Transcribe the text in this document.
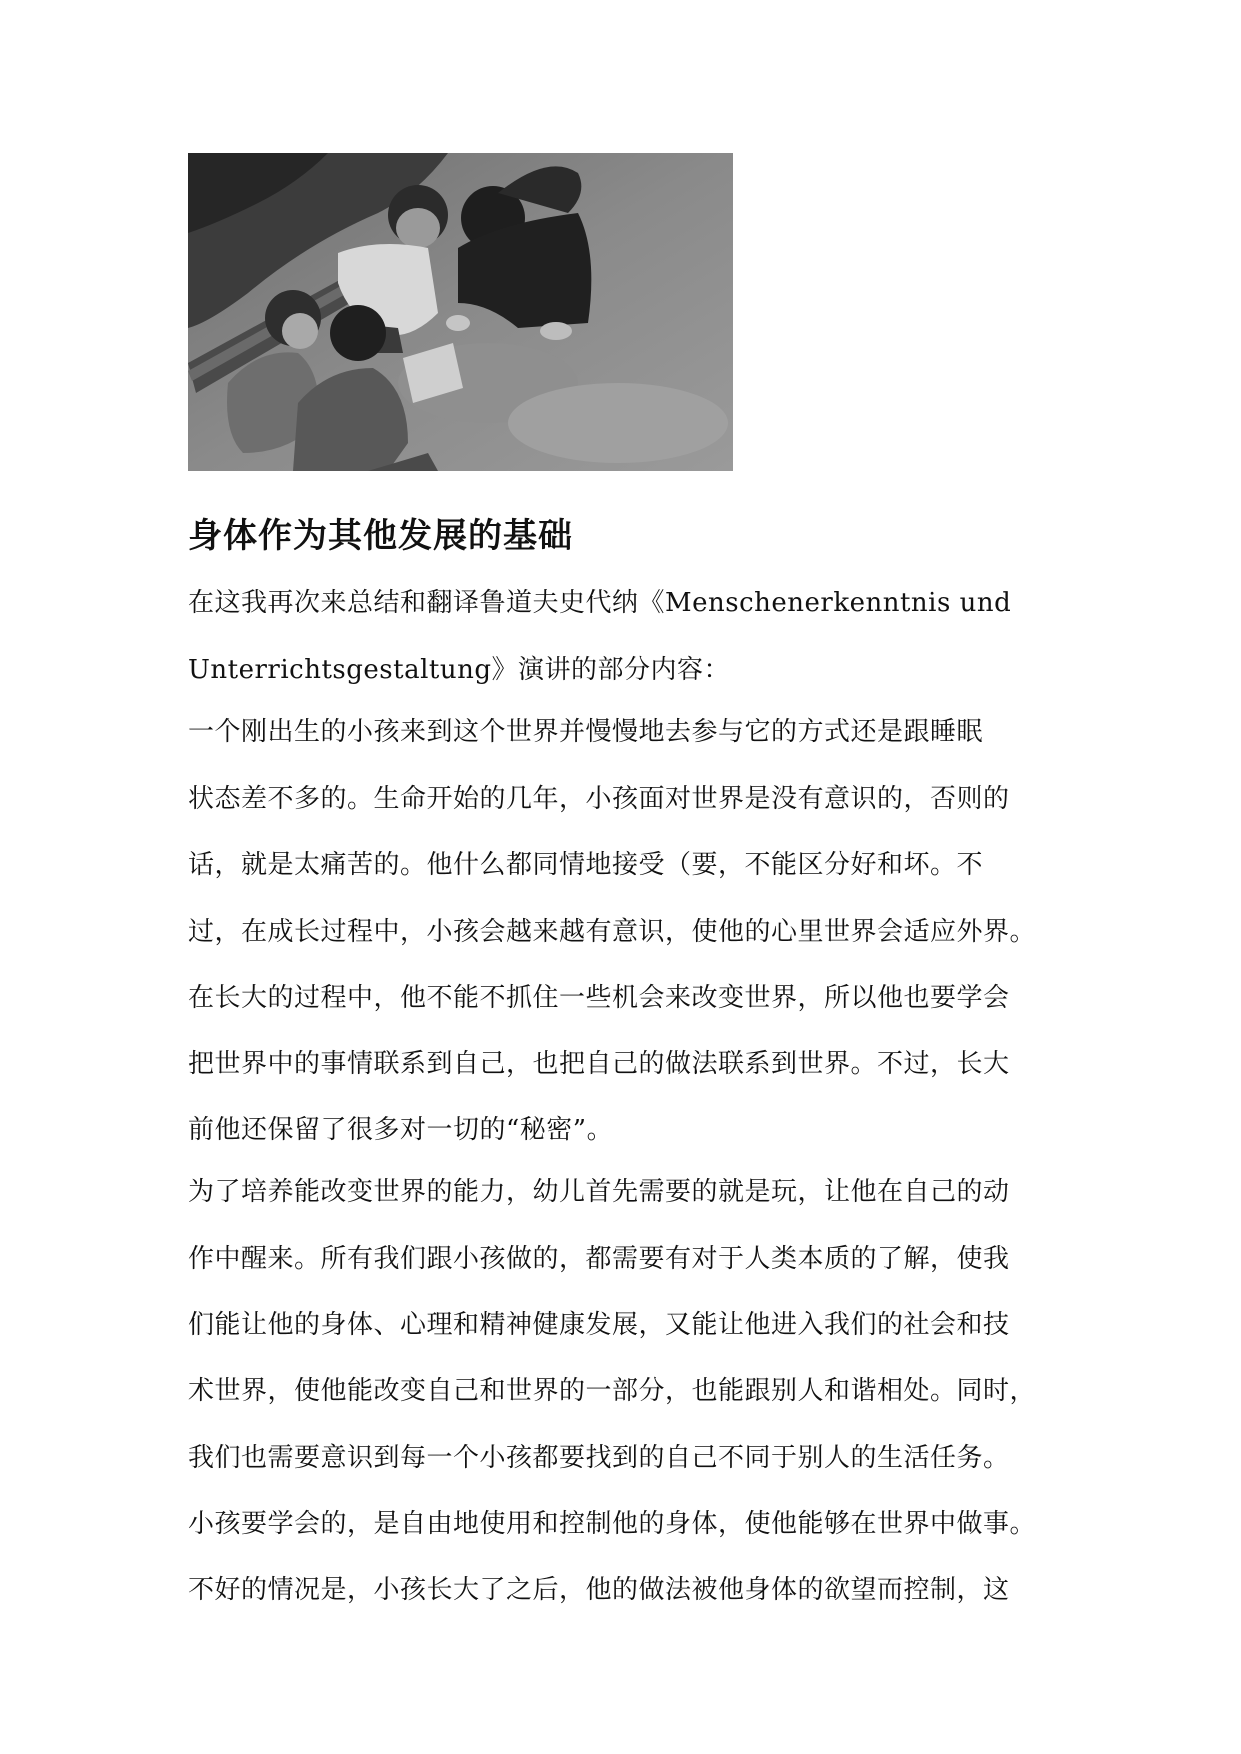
身体作为其他发展的基础

在这我再次来总结和翻译鲁道夫史代纳《Menschenerkenntnis und

Unterrichtsgestaltung》演讲的部分内容：

一个刚出生的小孩来到这个世界并慢慢地去参与它的方式还是跟睡眠

状态差不多的。生命开始的几年，小孩面对世界是没有意识的，否则的

话，就是太痛苦的。他什么都同情地接受（要，不能区分好和坏。不

过，在成长过程中，小孩会越来越有意识，使他的心里世界会适应外界。

在长大的过程中，他不能不抓住一些机会来改变世界，所以他也要学会

把世界中的事情联系到自己，也把自己的做法联系到世界。不过，长大

前他还保留了很多对一切的“秘密”。

为了培养能改变世界的能力，幼儿首先需要的就是玩，让他在自己的动

作中醒来。所有我们跟小孩做的，都需要有对于人类本质的了解，使我

们能让他的身体、心理和精神健康发展，又能让他进入我们的社会和技

术世界，使他能改变自己和世界的一部分，也能跟别人和谐相处。同时，

我们也需要意识到每一个小孩都要找到的自己不同于别人的生活任务。

小孩要学会的，是自由地使用和控制他的身体，使他能够在世界中做事。

不好的情况是，小孩长大了之后，他的做法被他身体的欲望而控制，这
